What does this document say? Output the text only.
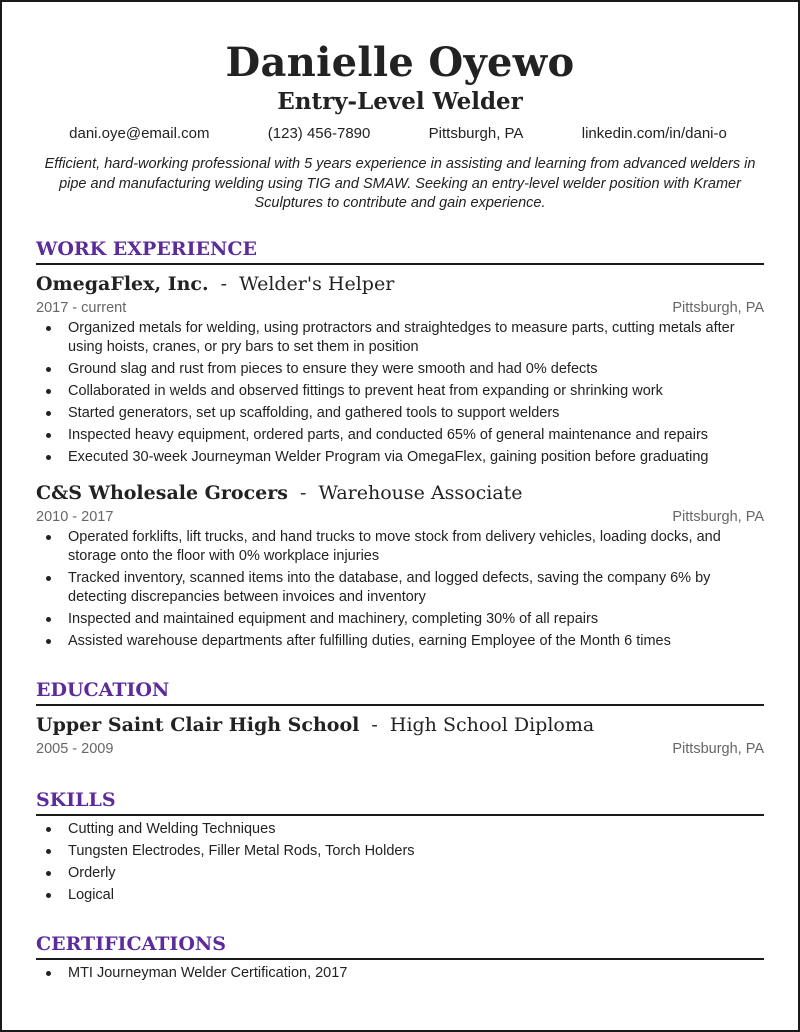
Danielle Oyewo
Entry-Level Welder
dani.oye@email.com	(123) 456-7890	Pittsburgh, PA	linkedin.com/in/dani-o
Efficient, hard-working professional with 5 years experience in assisting and learning from advanced welders in pipe and manufacturing welding using TIG and SMAW. Seeking an entry-level welder position with Kramer Sculptures to contribute and gain experience.
WORK EXPERIENCE
OmegaFlex, Inc. - Welder's Helper
2017 - current	Pittsburgh, PA
Organized metals for welding, using protractors and straightedges to measure parts, cutting metals after using hoists, cranes, or pry bars to set them in position
Ground slag and rust from pieces to ensure they were smooth and had 0% defects
Collaborated in welds and observed fittings to prevent heat from expanding or shrinking work
Started generators, set up scaffolding, and gathered tools to support welders
Inspected heavy equipment, ordered parts, and conducted 65% of general maintenance and repairs
Executed 30-week Journeyman Welder Program via OmegaFlex, gaining position before graduating
C&S Wholesale Grocers - Warehouse Associate
2010 - 2017	Pittsburgh, PA
Operated forklifts, lift trucks, and hand trucks to move stock from delivery vehicles, loading docks, and storage onto the floor with 0% workplace injuries
Tracked inventory, scanned items into the database, and logged defects, saving the company 6% by detecting discrepancies between invoices and inventory
Inspected and maintained equipment and machinery, completing 30% of all repairs
Assisted warehouse departments after fulfilling duties, earning Employee of the Month 6 times
EDUCATION
Upper Saint Clair High School - High School Diploma
2005 - 2009	Pittsburgh, PA
SKILLS
Cutting and Welding Techniques
Tungsten Electrodes, Filler Metal Rods, Torch Holders
Orderly
Logical
CERTIFICATIONS
MTI Journeyman Welder Certification, 2017
